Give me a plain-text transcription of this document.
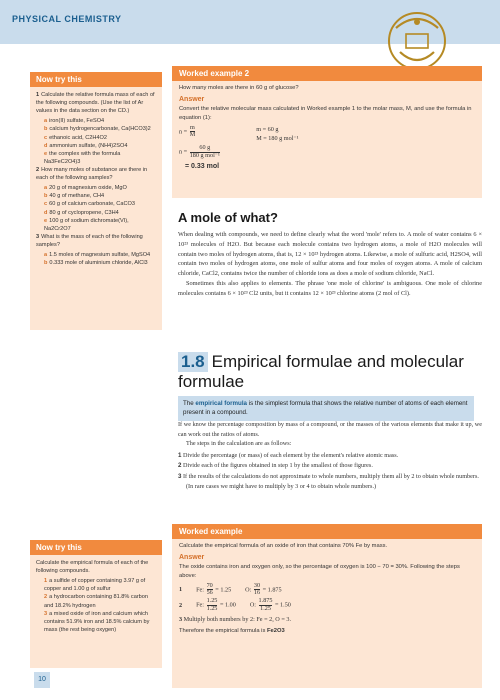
PHYSICAL CHEMISTRY
Now try this
1 Calculate the relative formula mass of each of the following compounds. (Use the list of Ar values in the data section on the CD.)
a iron(II) sulfate, FeSO4
b calcium hydrogencarbonate, Ca(HCO3)2
c ethanoic acid, C2H4O2
d ammonium sulfate, (NH4)2SO4
e the complex with the formula Na3FeC2O4)3
2 How many moles of substance are there in each of the following samples?
a 20 g of magnesium oxide, MgO
b 40 g of methane, CH4
c 60 g of calcium carbonate, CaCO3
d 80 g of cyclopropene, C3H4
e 100 g of sodium dichromate(VI), Na2Cr2O7
3 What is the mass of each of the following samples?
a 1.5 moles of magnesium sulfate, MgSO4
b 0.333 mole of aluminium chloride, AlCl3
Worked example 2
How many moles are there in 60 g of glucose?
Answer
Convert the relative molecular mass calculated in Worked example 1 to the molar mass, M, and use the formula in equation (1):
$n = \frac{m}{M}$	m = 60 g
M = 180 g mol⁻¹
$n = \frac{60 g}{\text{180 g mol⁻¹}}$
= 0.33 mol
A mole of what?

When dealing with compounds, we need to define clearly what the word 'mole' refers to. A mole of water contains 6 × 10²³ molecules of H2O. But because each molecule contains two hydrogen atoms, a mole of H2O molecules will contain two moles of hydrogen atoms, that is, 12 × 10²³ hydrogen atoms. Likewise, a mole of sulfuric acid, H2SO4, will contain two moles of hydrogen atoms, one mole of sulfur atoms and four moles of oxygen atoms. A mole of calcium chloride, CaCl2, contains twice the number of chloride ions as does a mole of sodium chloride, NaCl.

Sometimes this also applies to elements. The phrase 'one mole of chlorine' is ambiguous. One mole of chlorine molecules contains 6 × 10²³ Cl2 units, but it contains 12 × 10²³ chlorine atoms (2 mol of Cl).

1.8 Empirical formulae and molecular formulae
The empirical formula is the simplest formula that shows the relative number of atoms of each element present in a compound.

If we know the percentage composition by mass of a compound, or the masses of the various elements that make it up, we can work out the ratios of atoms.

The steps in the calculation are as follows:

1 Divide the percentage (or mass) of each element by the element's relative atomic mass.
2 Divide each of the figures obtained in step 1 by the smallest of those figures.
3 If the results of the calculations do not approximate to whole numbers, multiply them all by 2 to obtain whole numbers. (In rare cases we might have to multiply by 3 or 4 to obtain whole numbers.)
Now try this
Calculate the empirical formula of each of the following compounds.
1 a sulfide of copper containing 3.97 g of copper and 1.00 g of sulfur
2 a hydrocarbon containing 81.8% carbon and 18.2% hydrogen
3 a mixed oxide of iron and calcium which contains 51.9% iron and 18.5% calcium by mass (the rest being oxygen)
Worked example
Calculate the empirical formula of an oxide of iron that contains 70% Fe by mass.
Answer
The oxide contains iron and oxygen only, so the percentage of oxygen is 100 − 70 = 30%. Following the steps above:
1 Fe: $\frac{70}{56} = 1.25$ O: $\frac{30}{16} = 1.875$
2 Fe: $\frac{1.25}{1.25} = 1.00$ O: $\frac{1.875}{1.25} = 1.50$
3 Multiply both numbers by 2: Fe = 2, O = 3.
Therefore the empirical formula is Fe2O3
10
